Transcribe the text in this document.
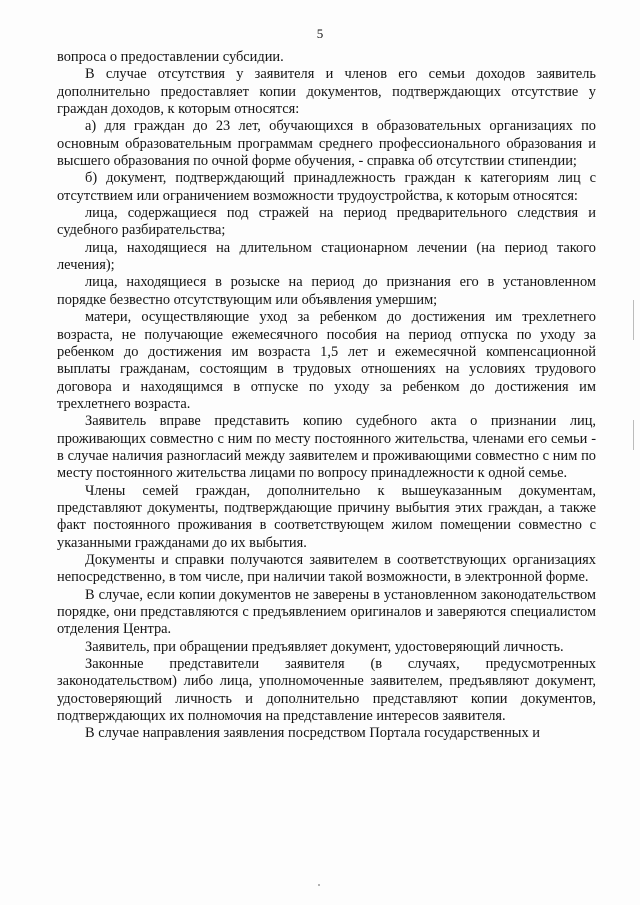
5

вопроса о предоставлении субсидии.

В случае отсутствия у заявителя и членов его семьи доходов заявитель дополнительно предоставляет копии документов, подтверждающих отсутствие у граждан доходов, к которым относятся:

а) для граждан до 23 лет, обучающихся в образовательных организациях по основным образовательным программам среднего профессионального образования и высшего образования по очной форме обучения, - справка об отсутствии стипендии;

б) документ, подтверждающий принадлежность граждан к категориям лиц с отсутствием или ограничением возможности трудоустройства, к которым относятся:

лица, содержащиеся под стражей на период предварительного следствия и судебного разбирательства;

лица, находящиеся на длительном стационарном лечении (на период такого лечения);

лица, находящиеся в розыске на период до признания его в установленном порядке безвестно отсутствующим или объявления умершим;

матери, осуществляющие уход за ребенком до достижения им трехлетнего возраста, не получающие ежемесячного пособия на период отпуска по уходу за ребенком до достижения им возраста 1,5 лет и ежемесячной компенсационной выплаты гражданам, состоящим в трудовых отношениях на условиях трудового договора и находящимся в отпуске по уходу за ребенком до достижения им трехлетнего возраста.

Заявитель вправе представить копию судебного акта о признании лиц, проживающих совместно с ним по месту постоянного жительства, членами его семьи - в случае наличия разногласий между заявителем и проживающими совместно с ним по месту постоянного жительства лицами по вопросу принадлежности к одной семье.

Члены семей граждан, дополнительно к вышеуказанным документам, представляют документы, подтверждающие причину выбытия этих граждан, а также факт постоянного проживания в соответствующем жилом помещении совместно с указанными гражданами до их выбытия.

Документы и справки получаются заявителем в соответствующих организациях непосредственно, в том числе, при наличии такой возможности, в электронной форме.

В случае, если копии документов не заверены в установленном законодательством порядке, они представляются с предъявлением оригиналов и заверяются специалистом отделения Центра.

Заявитель, при обращении предъявляет документ, удостоверяющий личность.

Законные представители заявителя (в случаях, предусмотренных законодательством) либо лица, уполномоченные заявителем, предъявляют документ, удостоверяющий личность и дополнительно представляют копии документов, подтверждающих их полномочия на представление интересов заявителя.

В случае направления заявления посредством Портала государственных и
